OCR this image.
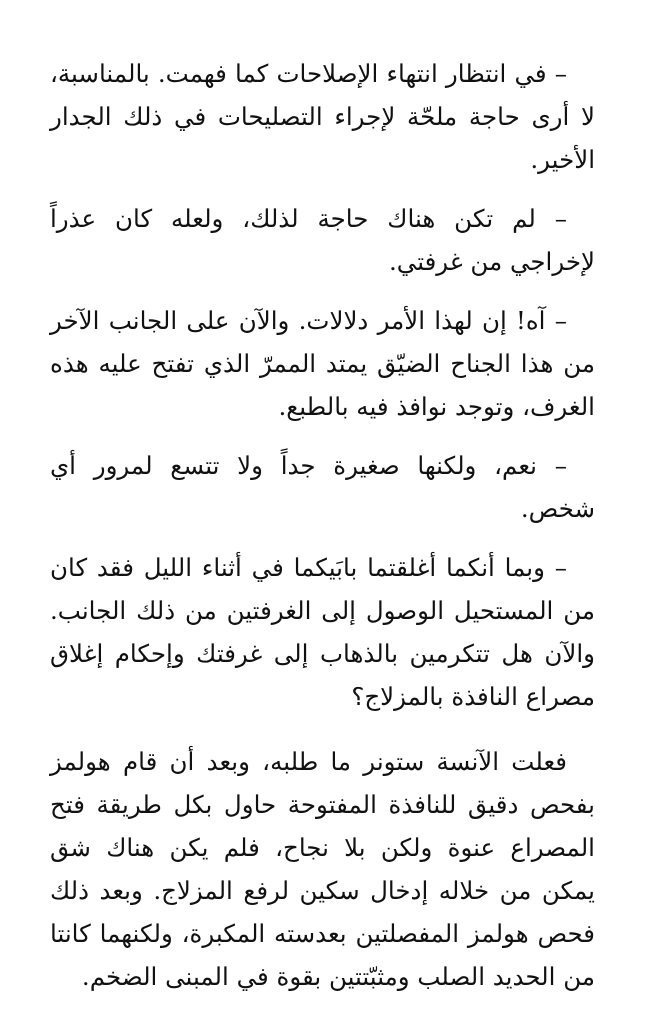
– في انتظار انتهاء الإصلاحات كما فهمت. بالمناسبة، لا أرى حاجة ملحّة لإجراء التصليحات في ذلك الجدار الأخير.

– لم تكن هناك حاجة لذلك، ولعله كان عذراً لإخراجي من غرفتي.

– آه! إن لهذا الأمر دلالات. والآن على الجانب الآخر من هذا الجناح الضيّق يمتد الممرّ الذي تفتح عليه هذه الغرف، وتوجد نوافذ فيه بالطبع.

– نعم، ولكنها صغيرة جداً ولا تتسع لمرور أي شخص.

– وبما أنكما أغلقتما بابَيكما في أثناء الليل فقد كان من المستحيل الوصول إلى الغرفتين من ذلك الجانب. والآن هل تتكرمين بالذهاب إلى غرفتك وإحكام إغلاق مصراع النافذة بالمزلاج؟

فعلت الآنسة ستونر ما طلبه، وبعد أن قام هولمز بفحص دقيق للنافذة المفتوحة حاول بكل طريقة فتح المصراع عنوة ولكن بلا نجاح، فلم يكن هناك شق يمكن من خلاله إدخال سكين لرفع المزلاج. وبعد ذلك فحص هولمز المفصلتين بعدسته المكبرة، ولكنهما كانتا من الحديد الصلب ومثبّتتين بقوة في المبنى الضخم.
